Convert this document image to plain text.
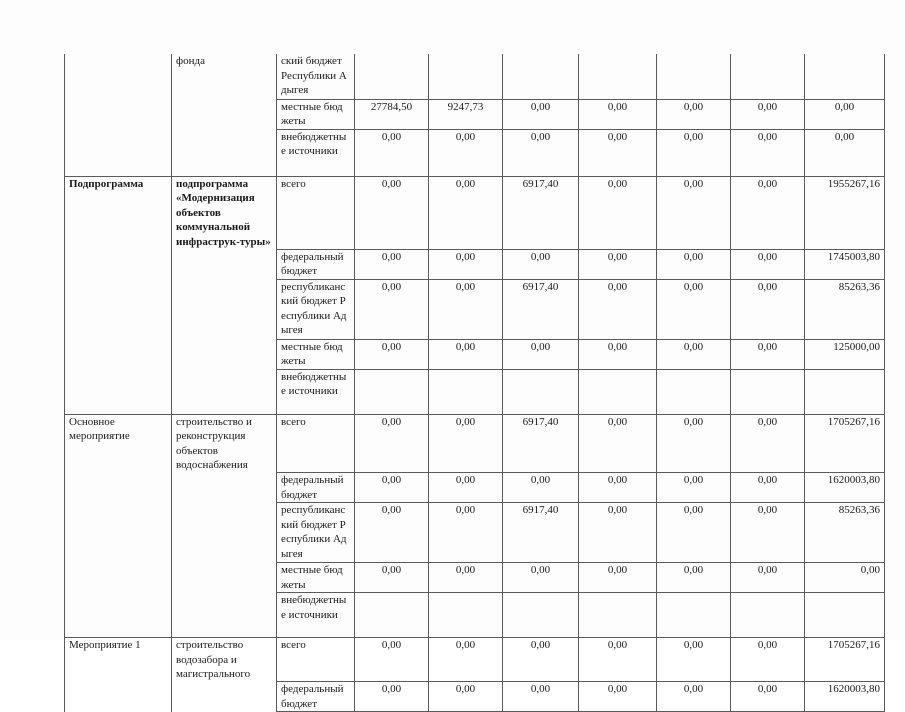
	фонда	ский бюджет Республики Адыгея							
		местные бюджеты	27784,50	9247,73	0,00	0,00	0,00	0,00	0,00
		внебюджетные источники	0,00	0,00	0,00	0,00	0,00	0,00	0,00
Подпрограмма	подпрограмма «Модернизация объектов коммунальной инфраструк-туры»	всего	0,00	0,00	6917,40	0,00	0,00	0,00	1955267,16
		федеральный бюджет	0,00	0,00	0,00	0,00	0,00	0,00	1745003,80
		республиканский бюджет Республики Адыгея	0,00	0,00	6917,40	0,00	0,00	0,00	85263,36
		местные бюджеты	0,00	0,00	0,00	0,00	0,00	0,00	125000,00
		внебюджетные источники							
Основное мероприятие	строительство и реконструкция объектов водоснабжения	всего	0,00	0,00	6917,40	0,00	0,00	0,00	1705267,16
		федеральный бюджет	0,00	0,00	0,00	0,00	0,00	0,00	1620003,80
		республиканский бюджет Республики Адыгея	0,00	0,00	6917,40	0,00	0,00	0,00	85263,36
		местные бюджеты	0,00	0,00	0,00	0,00	0,00	0,00	0,00
		внебюджетные источники							
Мероприятие 1	строительство водозабора и магистрального	всего	0,00	0,00	0,00	0,00	0,00	0,00	1705267,16
		федеральный бюджет	0,00	0,00	0,00	0,00	0,00	0,00	1620003,80
